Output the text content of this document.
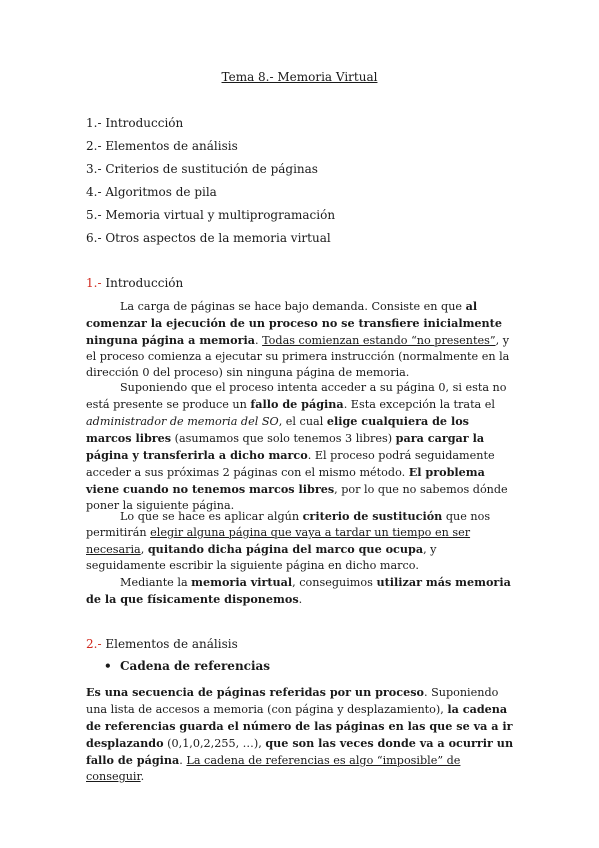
Tema 8.- Memoria Virtual
1.- Introducción
2.- Elementos de análisis
3.- Criterios de sustitución de páginas
4.- Algoritmos de pila
5.- Memoria virtual y multiprogramación
6.- Otros aspectos de la memoria virtual
1.- Introducción

La carga de páginas se hace bajo demanda. Consiste en que al comenzar la ejecución de un proceso no se transfiere inicialmente ninguna página a memoria. Todas comienzan estando “no presentes”, y el proceso comienza a ejecutar su primera instrucción (normalmente en la dirección 0 del proceso) sin ninguna página de memoria.

Suponiendo que el proceso intenta acceder a su página 0, si esta no está presente se produce un fallo de página. Esta excepción la trata el administrador de memoria del SO, el cual elige cualquiera de los marcos libres (asumamos que solo tenemos 3 libres) para cargar la página y transferirla a dicho marco. El proceso podrá seguidamente acceder a sus próximas 2 páginas con el mismo método. El problema viene cuando no tenemos marcos libres, por lo que no sabemos dónde poner la siguiente página.

Lo que se hace es aplicar algún criterio de sustitución que nos permitirán elegir alguna página que vaya a tardar un tiempo en ser necesaria, quitando dicha página del marco que ocupa, y seguidamente escribir la siguiente página en dicho marco.

Mediante la memoria virtual, conseguimos utilizar más memoria de la que físicamente disponemos.

2.- Elementos de análisis
• Cadena de referencias

Es una secuencia de páginas referidas por un proceso. Suponiendo una lista de accesos a memoria (con página y desplazamiento), la cadena de referencias guarda el número de las páginas en las que se va a ir desplazando (0,1,0,2,255, …), que son las veces donde va a ocurrir un fallo de página. La cadena de referencias es algo “imposible” de conseguir.
